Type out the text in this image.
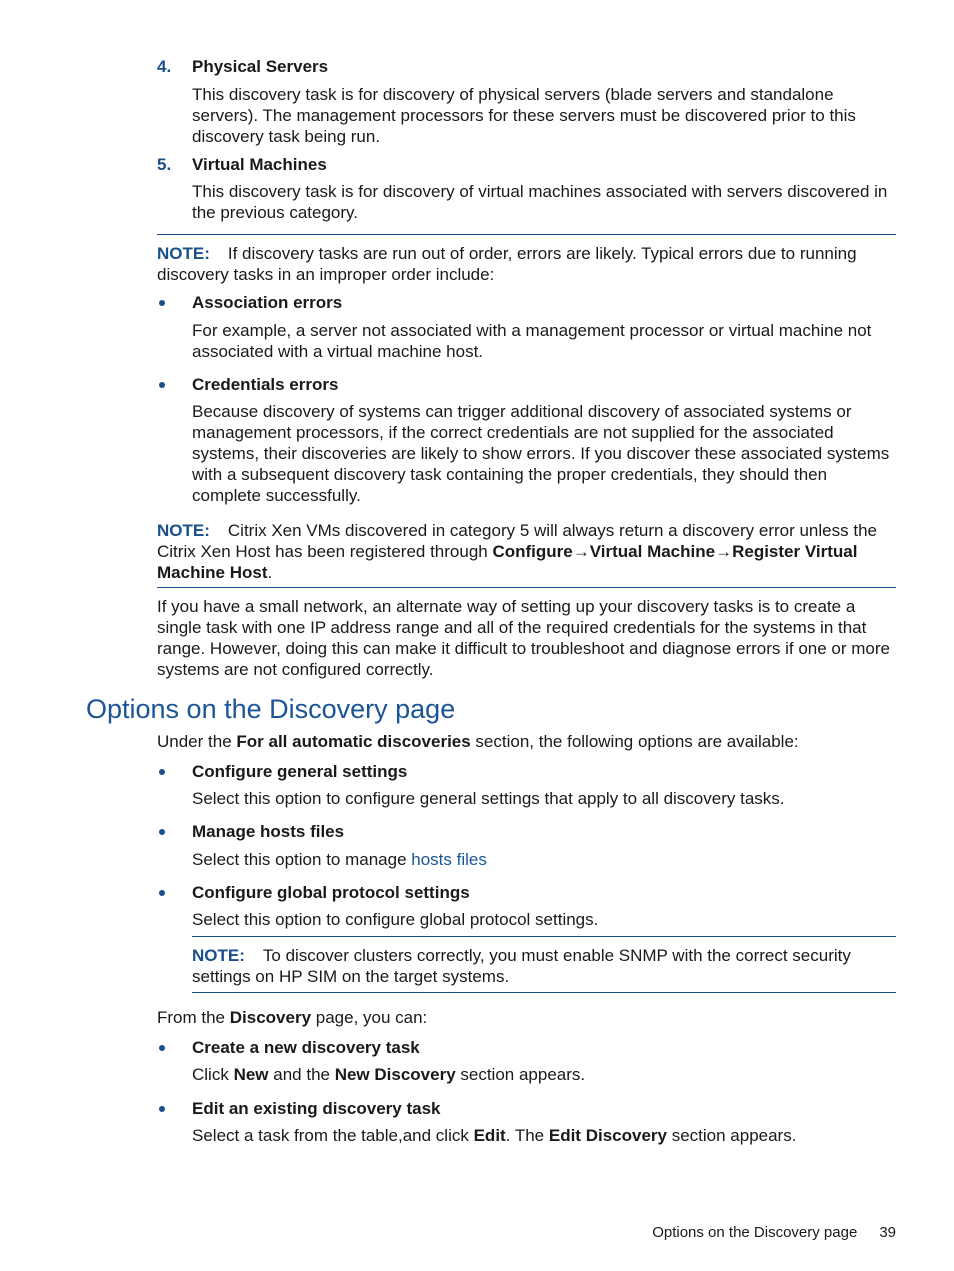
4. Physical Servers
This discovery task is for discovery of physical servers (blade servers and standalone servers). The management processors for these servers must be discovered prior to this discovery task being run.
5. Virtual Machines
This discovery task is for discovery of virtual machines associated with servers discovered in the previous category.
NOTE: If discovery tasks are run out of order, errors are likely. Typical errors due to running discovery tasks in an improper order include:
Association errors
For example, a server not associated with a management processor or virtual machine not associated with a virtual machine host.
Credentials errors
Because discovery of systems can trigger additional discovery of associated systems or management processors, if the correct credentials are not supplied for the associated systems, their discoveries are likely to show errors. If you discover these associated systems with a subsequent discovery task containing the proper credentials, they should then complete successfully.
NOTE: Citrix Xen VMs discovered in category 5 will always return a discovery error unless the Citrix Xen Host has been registered through Configure→Virtual Machine→Register Virtual Machine Host.
If you have a small network, an alternate way of setting up your discovery tasks is to create a single task with one IP address range and all of the required credentials for the systems in that range. However, doing this can make it difficult to troubleshoot and diagnose errors if one or more systems are not configured correctly.
Options on the Discovery page
Under the For all automatic discoveries section, the following options are available:
Configure general settings
Select this option to configure general settings that apply to all discovery tasks.
Manage hosts files
Select this option to manage hosts files
Configure global protocol settings
Select this option to configure global protocol settings.
NOTE: To discover clusters correctly, you must enable SNMP with the correct security settings on HP SIM on the target systems.
From the Discovery page, you can:
Create a new discovery task
Click New and the New Discovery section appears.
Edit an existing discovery task
Select a task from the table,and click Edit. The Edit Discovery section appears.
Options on the Discovery page 39
